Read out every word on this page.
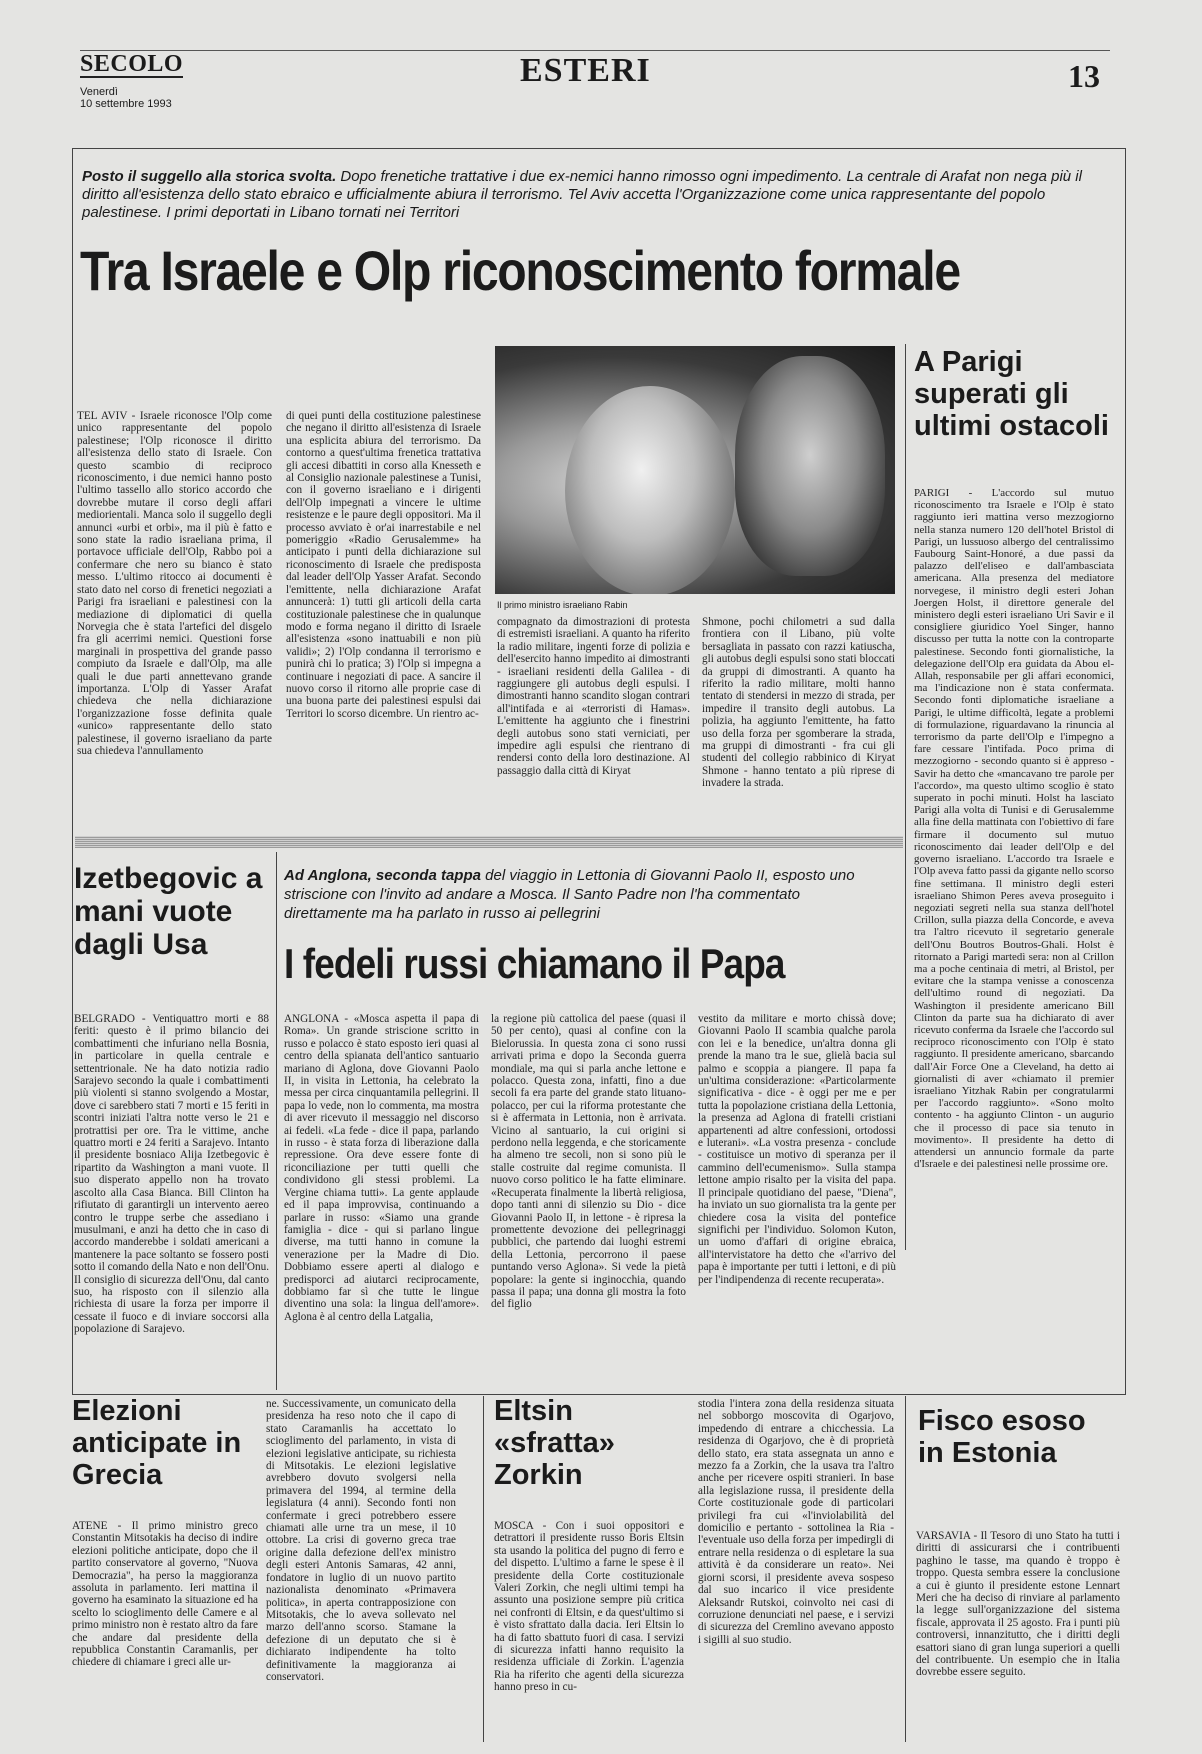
SECOLO
Venerdì
10 settembre 1993
ESTERI	13
Posto il suggello alla storica svolta. Dopo frenetiche trattative i due ex-nemici hanno rimosso ogni impedimento. La centrale di Arafat non nega più il diritto all'esistenza dello stato ebraico e ufficialmente abiura il terrorismo. Tel Aviv accetta l'Organizzazione come unica rappresentante del popolo palestinese. I primi deportati in Libano tornati nei Territori
Tra Israele e Olp riconoscimento formale
Il primo ministro israeliano Rabin
TEL AVIV - Israele riconosce l'Olp come unico rappresentante del popolo palestinese; l'Olp riconosce il diritto all'esistenza dello stato di Israele. Con questo scambio di reciproco riconoscimento, i due nemici hanno posto l'ultimo tassello allo storico accordo che dovrebbe mutare il corso degli affari mediorientali. Manca solo il suggello degli annunci «urbi et orbi», ma il più è fatto e sono state la radio israeliana prima, il portavoce ufficiale dell'Olp, Rabbo poi a confermare che nero su bianco è stato messo. L'ultimo ritocco ai documenti è stato dato nel corso di frenetici negoziati a Parigi fra israeliani e palestinesi con la mediazione di diplomatici di quella Norvegia che è stata l'artefici del disgelo fra gli acerrimi nemici. Questioni forse marginali in prospettiva del grande passo compiuto da Israele e dall'Olp, ma alle quali le due parti annettevano grande importanza. L'Olp di Yasser Arafat chiedeva che nella dichiarazione l'organizzazione fosse definita quale «unico» rappresentante dello stato palestinese, il governo israeliano da parte sua chiedeva l'annullamento
di quei punti della costituzione palestinese che negano il diritto all'esistenza di Israele una esplicita abiura del terrorismo. Da contorno a quest'ultima frenetica trattativa gli accesi dibattiti in corso alla Knesseth e al Consiglio nazionale palestinese a Tunisi, con il governo israeliano e i dirigenti dell'Olp impegnati a vincere le ultime resistenze e le paure degli oppositori. Ma il processo avviato è or'ai inarrestabile e nel pomeriggio «Radio Gerusalemme» ha anticipato i punti della dichiarazione sul riconoscimento di Israele che predisposta dal leader dell'Olp Yasser Arafat. Secondo l'emittente, nella dichiarazione Arafat annuncerà: 1) tutti gli articoli della carta costituzionale palestinese che in qualunque modo e forma negano il diritto di Israele all'esistenza «sono inattuabili e non più validi»; 2) l'Olp condanna il terrorismo e punirà chi lo pratica; 3) l'Olp si impegna a continuare i negoziati di pace. A sancire il nuovo corso il ritorno alle proprie case di una buona parte dei palestinesi espulsi dai Territori lo scorso dicembre. Un rientro ac-
compagnato da dimostrazioni di protesta di estremisti israeliani. A quanto ha riferito la radio militare, ingenti forze di polizia e dell'esercito hanno impedito ai dimostranti - israeliani residenti della Galilea - di raggiungere gli autobus degli espulsi. I dimostranti hanno scandito slogan contrari all'intifada e ai «terroristi di Hamas». L'emittente ha aggiunto che i finestrini degli autobus sono stati verniciati, per impedire agli espulsi che rientrano di rendersi conto della loro destinazione. Al passaggio dalla città di Kiryat
Shmone, pochi chilometri a sud dalla frontiera con il Libano, più volte bersagliata in passato con razzi katiuscha, gli autobus degli espulsi sono stati bloccati da gruppi di dimostranti. A quanto ha riferito la radio militare, molti hanno tentato di stendersi in mezzo di strada, per impedire il transito degli autobus. La polizia, ha aggiunto l'emittente, ha fatto uso della forza per sgomberare la strada, ma gruppi di dimostranti - fra cui gli studenti del collegio rabbinico di Kiryat Shmone - hanno tentato a più riprese di invadere la strada.
A Parigi superati gli ultimi ostacoli
PARIGI - L'accordo sul mutuo riconoscimento tra Israele e l'Olp è stato raggiunto ieri mattina verso mezzogiorno nella stanza numero 120 dell'hotel Bristol di Parigi, un lussuoso albergo del centralissimo Faubourg Saint-Honoré, a due passi da palazzo dell'eliseo e dall'ambasciata americana. Alla presenza del mediatore norvegese, il ministro degli esteri Johan Joergen Holst, il direttore generale del ministero degli esteri israeliano Uri Savir e il consigliere giuridico Yoel Singer, hanno discusso per tutta la notte con la controparte palestinese. Secondo fonti giornalistiche, la delegazione dell'Olp era guidata da Abou el-Allah, responsabile per gli affari economici, ma l'indicazione non è stata confermata. Secondo fonti diplomatiche israeliane a Parigi, le ultime difficoltà, legate a problemi di formulazione, riguardavano la rinuncia al terrorismo da parte dell'Olp e l'impegno a fare cessare l'intifada. Poco prima di mezzogiorno - secondo quanto si è appreso - Savir ha detto che «mancavano tre parole per l'accordo», ma questo ultimo scoglio è stato superato in pochi minuti. Holst ha lasciato Parigi alla volta di Tunisi e di Gerusalemme alla fine della mattinata con l'obiettivo di fare firmare il documento sul mutuo riconoscimento dai leader dell'Olp e del governo israeliano. L'accordo tra Israele e l'Olp aveva fatto passi da gigante nello scorso fine settimana. Il ministro degli esteri israeliano Shimon Peres aveva proseguito i negoziati segreti nella sua stanza dell'hotel Crillon, sulla piazza della Concorde, e aveva tra l'altro ricevuto il segretario generale dell'Onu Boutros Boutros-Ghali. Holst è ritornato a Parigi martedì sera: non al Crillon ma a poche centinaia di metri, al Bristol, per evitare che la stampa venisse a conoscenza dell'ultimo round di negoziati. Da Washington il presidente americano Bill Clinton da parte sua ha dichiarato di aver ricevuto conferma da Israele che l'accordo sul reciproco riconoscimento con l'Olp è stato raggiunto. Il presidente americano, sbarcando dall'Air Force One a Cleveland, ha detto ai giornalisti di aver «chiamato il premier israeliano Yitzhak Rabin per congratularmi per l'accordo raggiunto». «Sono molto contento - ha aggiunto Clinton - un augurio che il processo di pace sia tenuto in movimento». Il presidente ha detto di attendersi un annuncio formale da parte d'Israele e dei palestinesi nelle prossime ore.
Izetbegovic a mani vuote dagli Usa
BELGRADO - Ventiquattro morti e 88 feriti: questo è il primo bilancio dei combattimenti che infuriano nella Bosnia, in particolare in quella centrale e settentrionale. Ne ha dato notizia radio Sarajevo secondo la quale i combattimenti più violenti si stanno svolgendo a Mostar, dove ci sarebbero stati 7 morti e 15 feriti in scontri iniziati l'altra notte verso le 21 e protrattisi per ore. Tra le vittime, anche quattro morti e 24 feriti a Sarajevo. Intanto il presidente bosniaco Alija Izetbegovic è ripartito da Washington a mani vuote. Il suo disperato appello non ha trovato ascolto alla Casa Bianca. Bill Clinton ha rifiutato di garantirgli un intervento aereo contro le truppe serbe che assediano i musulmani, e anzi ha detto che in caso di accordo manderebbe i soldati americani a mantenere la pace soltanto se fossero posti sotto il comando della Nato e non dell'Onu. Il consiglio di sicurezza dell'Onu, dal canto suo, ha risposto con il silenzio alla richiesta di usare la forza per imporre il cessate il fuoco e di inviare soccorsi alla popolazione di Sarajevo.
Ad Anglona, seconda tappa del viaggio in Lettonia di Giovanni Paolo II, esposto uno striscione con l'invito ad andare a Mosca. Il Santo Padre non l'ha commentato direttamente ma ha parlato in russo ai pellegrini
I fedeli russi chiamano il Papa
ANGLONA - «Mosca aspetta il papa di Roma». Un grande striscione scritto in russo e polacco è stato esposto ieri quasi al centro della spianata dell'antico santuario mariano di Aglona, dove Giovanni Paolo II, in visita in Lettonia, ha celebrato la messa per circa cinquantamila pellegrini. Il papa lo vede, non lo commenta, ma mostra di aver ricevuto il messaggio nel discorso ai fedeli. «La fede - dice il papa, parlando in russo - è stata forza di liberazione dalla repressione. Ora deve essere fonte di riconciliazione per tutti quelli che condividono gli stessi problemi. La Vergine chiama tutti». La gente applaude ed il papa improvvisa, continuando a parlare in russo: «Siamo una grande famiglia - dice - qui si parlano lingue diverse, ma tutti hanno in comune la venerazione per la Madre di Dio. Dobbiamo essere aperti al dialogo e predisporci ad aiutarci reciprocamente, dobbiamo far sì che tutte le lingue diventino una sola: la lingua dell'amore». Aglona è al centro della Latgalia,
la regione più cattolica del paese (quasi il 50 per cento), quasi al confine con la Bielorussia. In questa zona ci sono russi arrivati prima e dopo la Seconda guerra mondiale, ma qui si parla anche lettone e polacco. Questa zona, infatti, fino a due secoli fa era parte del grande stato lituano-polacco, per cui la riforma protestante che si è affermata in Lettonia, non è arrivata. Vicino al santuario, la cui origini si perdono nella leggenda, e che storicamente ha almeno tre secoli, non si sono più le stalle costruite dal regime comunista. Il nuovo corso politico le ha fatte eliminare. «Recuperata finalmente la libertà religiosa, dopo tanti anni di silenzio su Dio - dice Giovanni Paolo II, in lettone - è ripresa la promettente devozione dei pellegrinaggi pubblici, che partendo dai luoghi estremi della Lettonia, percorrono il paese puntando verso Aglona». Si vede la pietà popolare: la gente si inginocchia, quando passa il papa; una donna gli mostra la foto del figlio
vestito da militare e morto chissà dove; Giovanni Paolo II scambia qualche parola con lei e la benedice, un'altra donna gli prende la mano tra le sue, glielà bacia sul palmo e scoppia a piangere. Il papa fa un'ultima considerazione: «Particolarmente significativa - dice - è oggi per me e per tutta la popolazione cristiana della Lettonia, la presenza ad Aglona di fratelli cristiani appartenenti ad altre confessioni, ortodossi e luterani». «La vostra presenza - conclude - costituisce un motivo di speranza per il cammino dell'ecumenismo». Sulla stampa lettone ampio risalto per la visita del papa. Il principale quotidiano del paese, "Diena", ha inviato un suo giornalista tra la gente per chiedere cosa la visita del pontefice significhi per l'individuo. Solomon Kuton, un uomo d'affari di origine ebraica, all'intervistatore ha detto che «l'arrivo del papa è importante per tutti i lettoni, e di più per l'indipendenza di recente recuperata».
Elezioni anticipate in Grecia
ATENE - Il primo ministro greco Constantin Mitsotakis ha deciso di indire elezioni politiche anticipate, dopo che il partito conservatore al governo, "Nuova Democrazia", ha perso la maggioranza assoluta in parlamento. Ieri mattina il governo ha esaminato la situazione ed ha scelto lo scioglimento delle Camere e al primo ministro non è restato altro da fare che andare dal presidente della repubblica Constantin Caramanlis, per chiedere di chiamare i greci alle ur-
ne. Successivamente, un comunicato della presidenza ha reso noto che il capo di stato Caramanlis ha accettato lo scioglimento del parlamento, in vista di elezioni legislative anticipate, su richiesta di Mitsotakis. Le elezioni legislative avrebbero dovuto svolgersi nella primavera del 1994, al termine della legislatura (4 anni). Secondo fonti non confermate i greci potrebbero essere chiamati alle urne tra un mese, il 10 ottobre. La crisi di governo greca trae origine dalla defezione dell'ex ministro degli esteri Antonis Samaras, 42 anni, fondatore in luglio di un nuovo partito nazionalista denominato «Primavera politica», in aperta contrapposizione con Mitsotakis, che lo aveva sollevato nel marzo dell'anno scorso. Stamane la defezione di un deputato che si è dichiarato indipendente ha tolto definitivamente la maggioranza ai conservatori.
Eltsin «sfratta» Zorkin
MOSCA - Con i suoi oppositori e detrattori il presidente russo Boris Eltsin sta usando la politica del pugno di ferro e del dispetto. L'ultimo a farne le spese è il presidente della Corte costituzionale Valeri Zorkin, che negli ultimi tempi ha assunto una posizione sempre più critica nei confronti di Eltsin, e da quest'ultimo si è visto sfrattato dalla dacia. Ieri Eltsin lo ha di fatto sbattuto fuori di casa. I servizi di sicurezza infatti hanno requisito la residenza ufficiale di Zorkin. L'agenzia Ria ha riferito che agenti della sicurezza hanno preso in cu-
stodia l'intera zona della residenza situata nel sobborgo moscovita di Ogarjovo, impedendo di entrare a chicchessia. La residenza di Ogarjovo, che è di proprietà dello stato, era stata assegnata un anno e mezzo fa a Zorkin, che la usava tra l'altro anche per ricevere ospiti stranieri. In base alla legislazione russa, il presidente della Corte costituzionale gode di particolari privilegi fra cui «l'inviolabilità del domicilio e pertanto - sottolinea la Ria - l'eventuale uso della forza per impedirgli di entrare nella residenza o di espletare la sua attività è da considerare un reato». Nei giorni scorsi, il presidente aveva sospeso dal suo incarico il vice presidente Aleksandr Rutskoi, coinvolto nei casi di corruzione denunciati nel paese, e i servizi di sicurezza del Cremlino avevano apposto i sigilli al suo studio.
Fisco esoso in Estonia
VARSAVIA - Il Tesoro di uno Stato ha tutti i diritti di assicurarsi che i contribuenti paghino le tasse, ma quando è troppo è troppo. Questa sembra essere la conclusione a cui è giunto il presidente estone Lennart Meri che ha deciso di rinviare al parlamento la legge sull'organizzazione del sistema fiscale, approvata il 25 agosto. Fra i punti più controversi, innanzitutto, che i diritti degli esattori siano di gran lunga superiori a quelli del contribuente. Un esempio che in Italia dovrebbe essere seguito.
